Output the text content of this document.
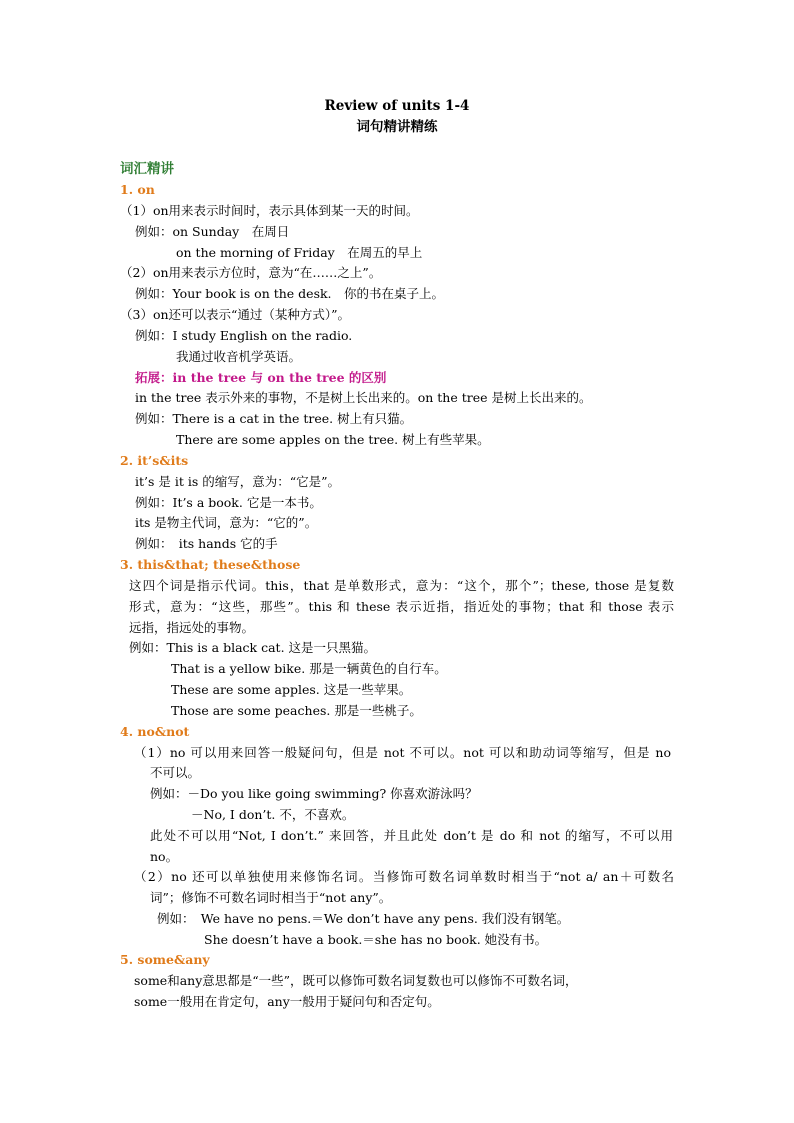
Review of units 1-4
词句精讲精练
词汇精讲
1. on
（1）on用来表示时间时，表示具体到某一天的时间。
例如：on Sunday　在周日
on the morning of Friday　在周五的早上
（2）on用来表示方位时，意为“在……之上”。
例如：Your book is on the desk.　你的书在桌子上。
（3）on还可以表示“通过（某种方式）”。
例如：I study English on the radio.
我通过收音机学英语。
拓展：in the tree 与 on the tree 的区别
in the tree 表示外来的事物，不是树上长出来的。on the tree 是树上长出来的。
例如：There is a cat in the tree. 树上有只猫。
There are some apples on the tree. 树上有些苹果。
2. it’s&its
it’s 是 it is 的缩写，意为：“它是”。
例如：It’s a book. 它是一本书。
its 是物主代词，意为：“它的”。
例如：　its hands 它的手
3. this&that; these&those
这四个词是指示代词。this，that 是单数形式，意为：“这个，那个”；these, those 是复数
形式，意为：“这些，那些”。this 和 these 表示近指，指近处的事物；that 和 those 表示
远指，指远处的事物。
例如：This is a black cat. 这是一只黑猫。
That is a yellow bike. 那是一辆黄色的自行车。
These are some apples. 这是一些苹果。
Those are some peaches. 那是一些桃子。
4. no&not
（1）no 可以用来回答一般疑问句，但是 not 不可以。not 可以和助动词等缩写，但是 no
不可以。
例如：－Do you like going swimming? 你喜欢游泳吗？
－No, I don’t. 不，不喜欢。
此处不可以用“Not, I don’t.” 来回答，并且此处 don’t 是 do 和 not 的缩写，不可以用
no。
（2）no 还可以单独使用来修饰名词。当修饰可数名词单数时相当于“not a/ an＋可数名
词”；修饰不可数名词时相当于“not any”。
例如：　We have no pens.＝We don’t have any pens. 我们没有钢笔。
She doesn’t have a book.＝she has no book. 她没有书。
5. some&any
some和any意思都是“一些”，既可以修饰可数名词复数也可以修饰不可数名词，
some一般用在肯定句，any一般用于疑问句和否定句。
